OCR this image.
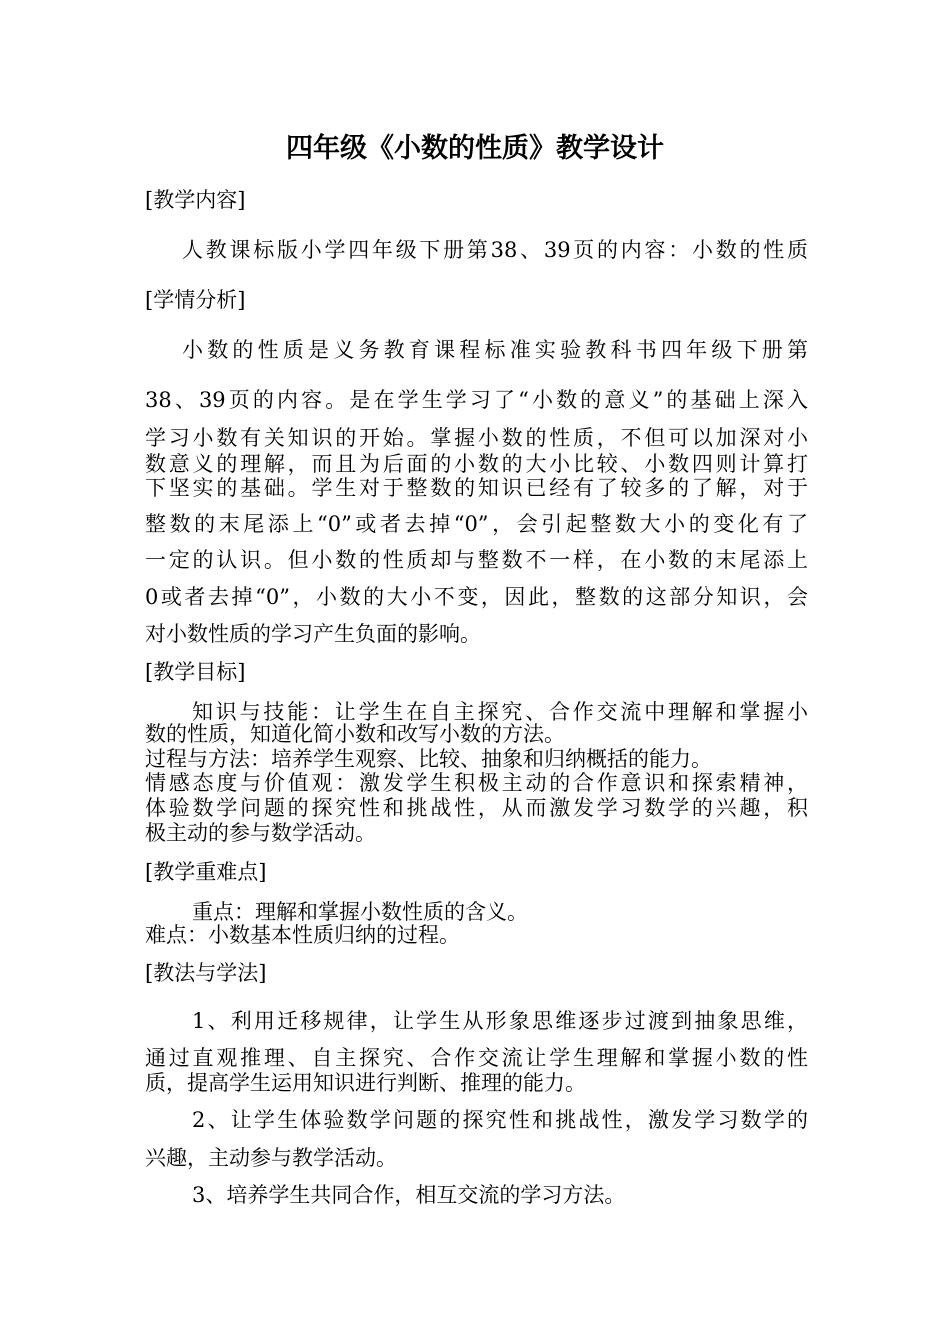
四年级《小数的性质》教学设计
[教学内容]
人教课标版小学四年级下册第38、39页的内容：小数的性质
[学情分析]
小数的性质是义务教育课程标准实验教科书四年级下册第
38、39页的内容。是在学生学习了“小数的意义”的基础上深入
学习小数有关知识的开始。掌握小数的性质，不但可以加深对小
数意义的理解，而且为后面的小数的大小比较、小数四则计算打
下坚实的基础。学生对于整数的知识已经有了较多的了解，对于
整数的末尾添上“0”或者去掉“0”，会引起整数大小的变化有了
一定的认识。但小数的性质却与整数不一样，在小数的末尾添上
0或者去掉“0”，小数的大小不变，因此，整数的这部分知识，会
对小数性质的学习产生负面的影响。
[教学目标]
知识与技能：让学生在自主探究、合作交流中理解和掌握小
数的性质，知道化简小数和改写小数的方法。
过程与方法：培养学生观察、比较、抽象和归纳概括的能力。
情感态度与价值观：激发学生积极主动的合作意识和探索精神，
体验数学问题的探究性和挑战性，从而激发学习数学的兴趣，积
极主动的参与数学活动。
[教学重难点]
重点：理解和掌握小数性质的含义。
难点：小数基本性质归纳的过程。
[教法与学法]
1、利用迁移规律，让学生从形象思维逐步过渡到抽象思维，
通过直观推理、自主探究、合作交流让学生理解和掌握小数的性
质，提高学生运用知识进行判断、推理的能力。
2、让学生体验数学问题的探究性和挑战性，激发学习数学的
兴趣，主动参与教学活动。
3、培养学生共同合作，相互交流的学习方法。
